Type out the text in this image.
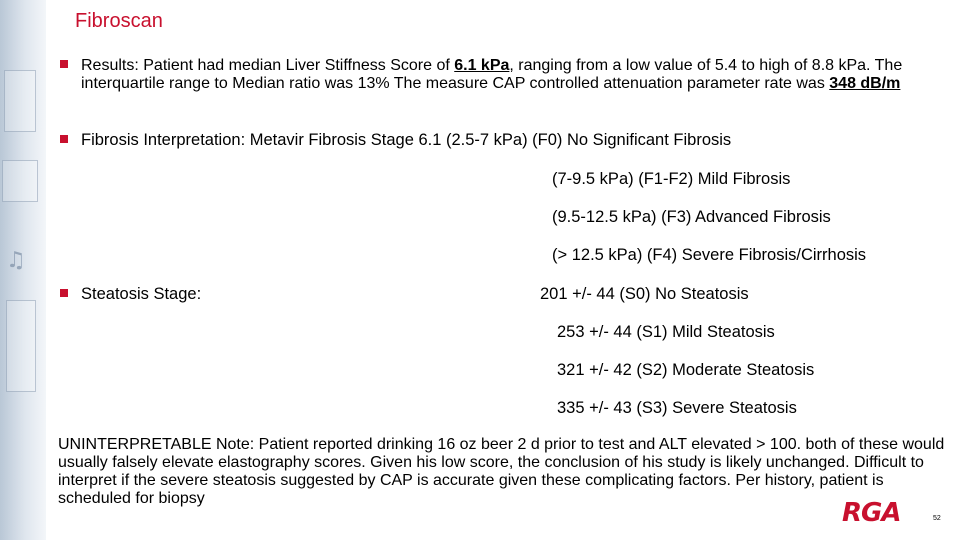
♫
Fibroscan
Results: Patient had median Liver Stiffness Score of 6.1 kPa, ranging from a low value of 5.4 to high of 8.8 kPa. The interquartile range to Median ratio was 13% The measure CAP controlled attenuation parameter rate was 348 dB/m
Fibrosis Interpretation: Metavir Fibrosis Stage 6.1 (2.5-7 kPa) (F0) No Significant Fibrosis
(7-9.5 kPa) (F1-F2) Mild Fibrosis
(9.5-12.5 kPa) (F3) Advanced Fibrosis
(> 12.5 kPa) (F4) Severe Fibrosis/Cirrhosis
Steatosis Stage:	201 +/- 44 (S0) No Steatosis
253 +/- 44 (S1) Mild Steatosis
321 +/- 42 (S2) Moderate Steatosis
335 +/- 43 (S3) Severe Steatosis
UNINTERPRETABLE Note: Patient reported drinking 16 oz beer 2 d prior to test and ALT elevated > 100. both of these would usually falsely elevate elastography scores. Given his low score, the conclusion of his study is likely unchanged. Difficult to interpret if the severe steatosis suggested by CAP is accurate given these complicating factors. Per history, patient is scheduled for biopsy	RGA	52
